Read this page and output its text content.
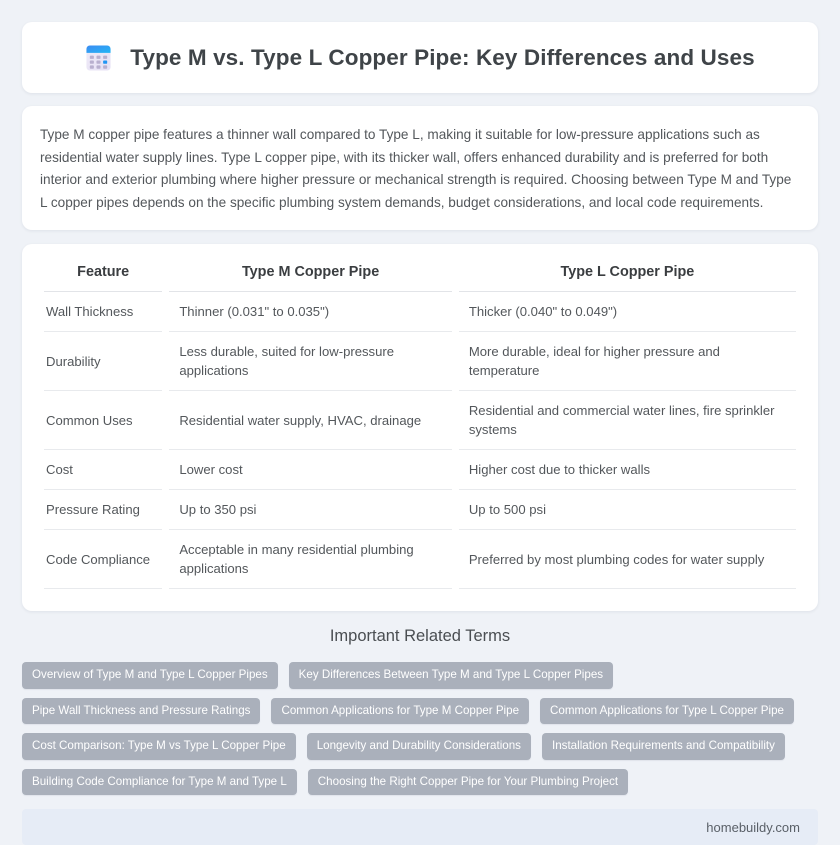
Type M vs. Type L Copper Pipe: Key Differences and Uses

Type M copper pipe features a thinner wall compared to Type L, making it suitable for low-pressure applications such as residential water supply lines. Type L copper pipe, with its thicker wall, offers enhanced durability and is preferred for both interior and exterior plumbing where higher pressure or mechanical strength is required. Choosing between Type M and Type L copper pipes depends on the specific plumbing system demands, budget considerations, and local code requirements.

Feature	Type M Copper Pipe	Type L Copper Pipe
Wall Thickness	Thinner (0.031" to 0.035")	Thicker (0.040" to 0.049")
Durability	Less durable, suited for low-pressure applications	More durable, ideal for higher pressure and temperature
Common Uses	Residential water supply, HVAC, drainage	Residential and commercial water lines, fire sprinkler systems
Cost	Lower cost	Higher cost due to thicker walls
Pressure Rating	Up to 350 psi	Up to 500 psi
Code Compliance	Acceptable in many residential plumbing applications	Preferred by most plumbing codes for water supply
Important Related Terms
Overview of Type M and Type L Copper Pipes	Key Differences Between Type M and Type L Copper Pipes
Pipe Wall Thickness and Pressure Ratings	Common Applications for Type M Copper Pipe	Common Applications for Type L Copper Pipe
Cost Comparison: Type M vs Type L Copper Pipe	Longevity and Durability Considerations	Installation Requirements and Compatibility
Building Code Compliance for Type M and Type L	Choosing the Right Copper Pipe for Your Plumbing Project
homebuildy.com
